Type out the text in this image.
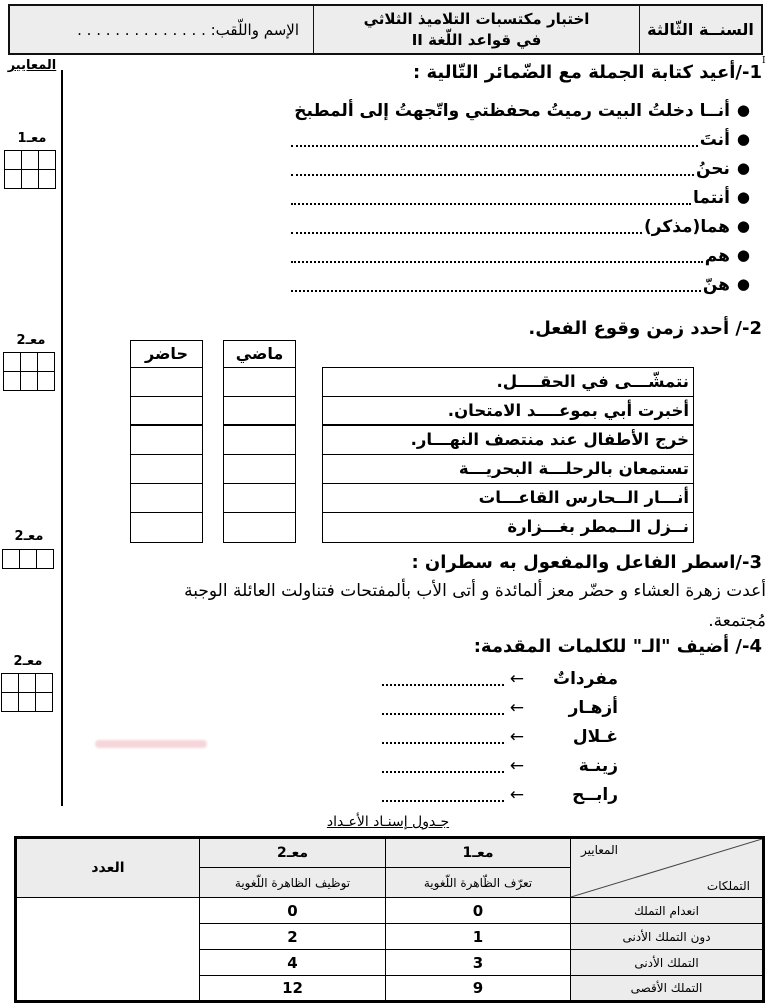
السنــة الثّالثة
اختبار مكتسبات التلاميذ الثلاثي
في قواعد اللّغة II
الإسم واللّقب: . . . . . . . . . . . . . .
I
المعايير
معـ1

معـ2

معـ2

معـ2

1-/أعيد كتابة الجملة مع الضّمائر التّالية :
●
أنــا دخلتُ البيت رميتُ محفظتي واتّجهتُ إلى ألمطبخ
●
أنتَ
●
نحنُ
●
أنتما
●
هما(مذكر)
●
هم
●
هنّ
2-/ أحدد زمن وقوع الفعل.
حاضر	ماضي
نتمشّـــى في الحقــــل.
أخبرت أبي بموعــــد الامتحان.
خرج الأطفال عند منتصف النهـــار.
تستمعان بالرحلـــة البحريـــة
أنـــار الــحارس القاعـــات
نــزل الــمطر بغـــزارة
3-/اسطر الفاعل والمفعول به سطران :
أعدت زهرة العشاء و حضّر معز ألمائدة و أتى الأب بألمفتحات فتناولت العائلة الوجبة
مُجتمعة.
4-/ أضيف "الـ" للكلمات المقدمة:
مفرداتٌ
←
أزهـار
←
غـلال
←
زينـة
←
رابــح
←
جـدول إسنـاد الأعـداد
المعايير
التملكات	معـ1	معـ2	العدد
	تعرّف الظّاهرة اللّغوية	توظيف الظاهرة اللّغوية	
انعدام التملك	0	0	
دون التملك الأدنى	1	2	
التملك الأدنى	3	4	
التملك الأقصى	9	12	
